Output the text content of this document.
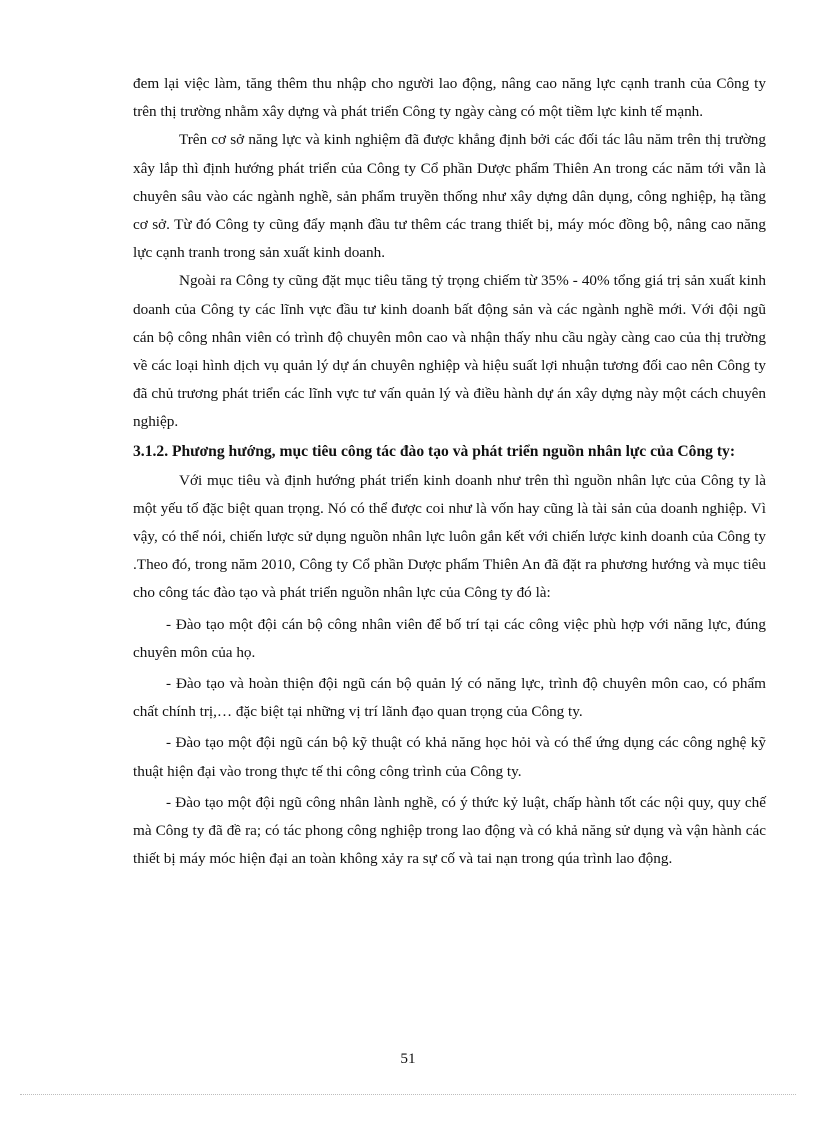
đem lại việc làm, tăng thêm thu nhập cho người lao động, nâng cao năng lực cạnh tranh của Công ty trên thị trường nhằm xây dựng và phát triển Công ty ngày càng có một tiềm lực kinh tế mạnh.

Trên cơ sở năng lực và kinh nghiệm đã được khẳng định bởi các đối tác lâu năm trên thị trường xây lắp thì định hướng phát triển của Công ty Cổ phần Dược phẩm Thiên An trong các năm tới vẫn là chuyên sâu vào các ngành nghề, sản phẩm truyền thống như xây dựng dân dụng, công nghiệp, hạ tầng cơ sở. Từ đó Công ty cũng đẩy mạnh đầu tư thêm các trang thiết bị, máy móc đồng bộ, nâng cao năng lực cạnh tranh trong sản xuất kinh doanh.

Ngoài ra Công ty cũng đặt mục tiêu tăng tỷ trọng chiếm từ 35% - 40% tổng giá trị sản xuất kinh doanh của Công ty các lĩnh vực đầu tư kinh doanh bất động sản và các ngành nghề mới. Với đội ngũ cán bộ công nhân viên có trình độ chuyên môn cao và nhận thấy nhu cầu ngày càng cao của thị trường về các loại hình dịch vụ quản lý dự án chuyên nghiệp và hiệu suất lợi nhuận tương đối cao nên Công ty đã chủ trương phát triển các lĩnh vực tư vấn quản lý và điều hành dự án xây dựng này một cách chuyên nghiệp.

3.1.2. Phương hướng, mục tiêu công tác đào tạo và phát triển nguồn nhân lực của Công ty:

Với mục tiêu và định hướng phát triển kinh doanh như trên thì nguồn nhân lực của Công ty là một yếu tố đặc biệt quan trọng. Nó có thể được coi như là vốn hay cũng là tài sản của doanh nghiệp. Vì vậy, có thể nói, chiến lược sử dụng nguồn nhân lực luôn gắn kết với chiến lược kinh doanh của Công ty .Theo đó, trong năm 2010, Công ty Cổ phần Dược phẩm Thiên An đã đặt ra phương hướng và mục tiêu cho công tác đào tạo và phát triển nguồn nhân lực của Công ty đó là:

- Đào tạo một đội cán bộ công nhân viên để bố trí tại các công việc phù hợp với năng lực, đúng chuyên môn của họ.

- Đào tạo và hoàn thiện đội ngũ cán bộ quản lý có năng lực, trình độ chuyên môn cao, có phẩm chất chính trị,… đặc biệt tại những vị trí lãnh đạo quan trọng của Công ty.

- Đào tạo một đội ngũ cán bộ kỹ thuật có khả năng học hỏi và có thể ứng dụng các công nghệ kỹ thuật hiện đại vào trong thực tế thi công công trình của Công ty.

- Đào tạo một đội ngũ công nhân lành nghề, có ý thức kỷ luật, chấp hành tốt các nội quy, quy chế mà Công ty đã đề ra; có tác phong công nghiệp trong lao động và có khả năng sử dụng và vận hành các thiết bị máy móc hiện đại an toàn không xảy ra sự cố và tai nạn trong qúa trình lao động.

51
